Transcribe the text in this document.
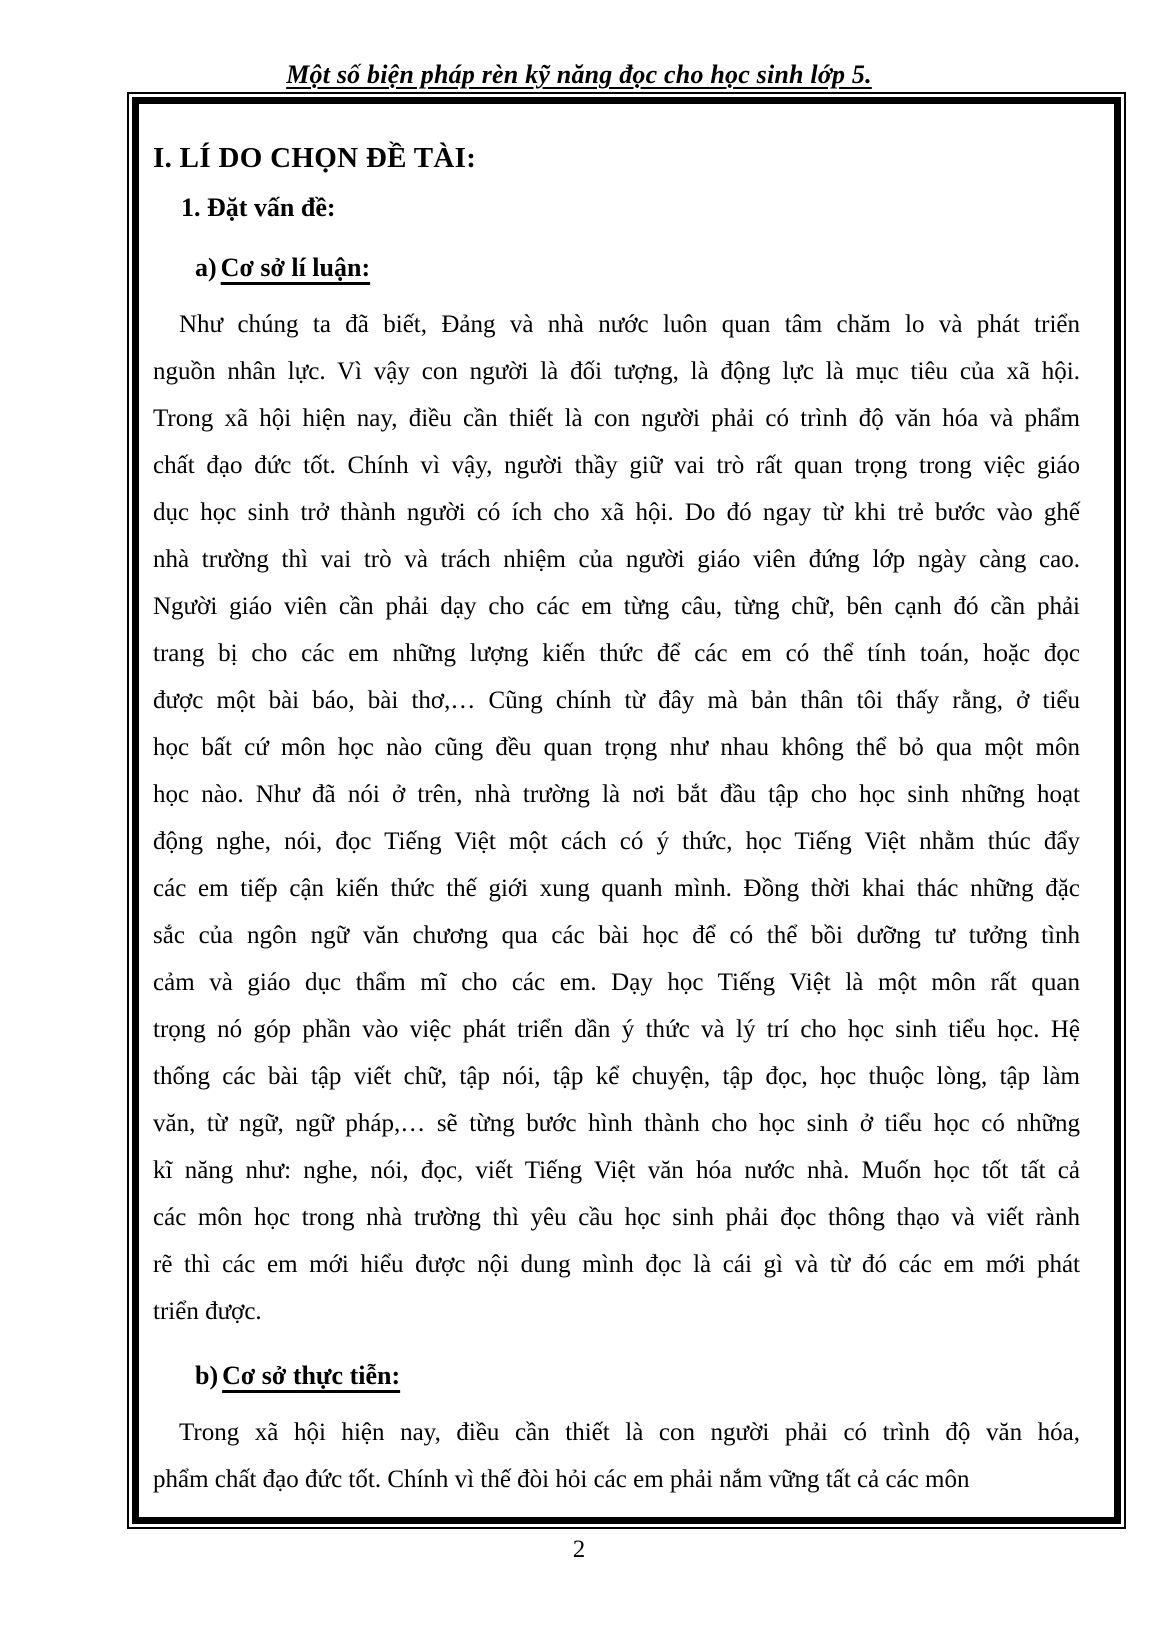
Một số biện pháp rèn kỹ năng đọc cho học sinh lớp 5.
I. LÍ DO CHỌN ĐỀ TÀI:
1. Đặt vấn đề:
a) Cơ sở lí luận:
Như chúng ta đã biết, Đảng và nhà nước luôn quan tâm chăm lo và phát triển
nguồn nhân lực. Vì vậy con người là đối tượng, là động lực là mục tiêu của xã hội.
Trong xã hội hiện nay, điều cần thiết là con người phải có trình độ văn hóa và phẩm
chất đạo đức tốt. Chính vì vậy, người thầy giữ vai trò rất quan trọng trong việc giáo
dục học sinh trở thành người có ích cho xã hội. Do đó ngay từ khi trẻ bước vào ghế
nhà trường thì vai trò và trách nhiệm của người giáo viên đứng lớp ngày càng cao.
Người giáo viên cần phải dạy cho các em từng câu, từng chữ, bên cạnh đó cần phải
trang bị cho các em những lượng kiến thức để các em có thể tính toán, hoặc đọc
được một bài báo, bài thơ,… Cũng chính từ đây mà bản thân tôi thấy rằng, ở tiểu
học bất cứ môn học nào cũng đều quan trọng như nhau không thể bỏ qua một môn
học nào. Như đã nói ở trên, nhà trường là nơi bắt đầu tập cho học sinh những hoạt
động nghe, nói, đọc Tiếng Việt một cách có ý thức, học Tiếng Việt nhằm thúc đẩy
các em tiếp cận kiến thức thế giới xung quanh mình. Đồng thời khai thác những đặc
sắc của ngôn ngữ văn chương qua các bài học để có thể bồi dưỡng tư tưởng tình
cảm và giáo dục thẩm mĩ cho các em. Dạy học Tiếng Việt là một môn rất quan
trọng nó góp phần vào việc phát triển dần ý thức và lý trí cho học sinh tiểu học. Hệ
thống các bài tập viết chữ, tập nói, tập kể chuyện, tập đọc, học thuộc lòng, tập làm
văn, từ ngữ, ngữ pháp,… sẽ từng bước hình thành cho học sinh ở tiểu học có những
kĩ năng như: nghe, nói, đọc, viết Tiếng Việt văn hóa nước nhà. Muốn học tốt tất cả
các môn học trong nhà trường thì yêu cầu học sinh phải đọc thông thạo và viết rành
rẽ thì các em mới hiểu được nội dung mình đọc là cái gì và từ đó các em mới phát
triển được.
b) Cơ sở thực tiễn:
Trong xã hội hiện nay, điều cần thiết là con người phải có trình độ văn hóa,
phẩm chất đạo đức tốt. Chính vì thế đòi hỏi các em phải nắm vững tất cả các môn
2
